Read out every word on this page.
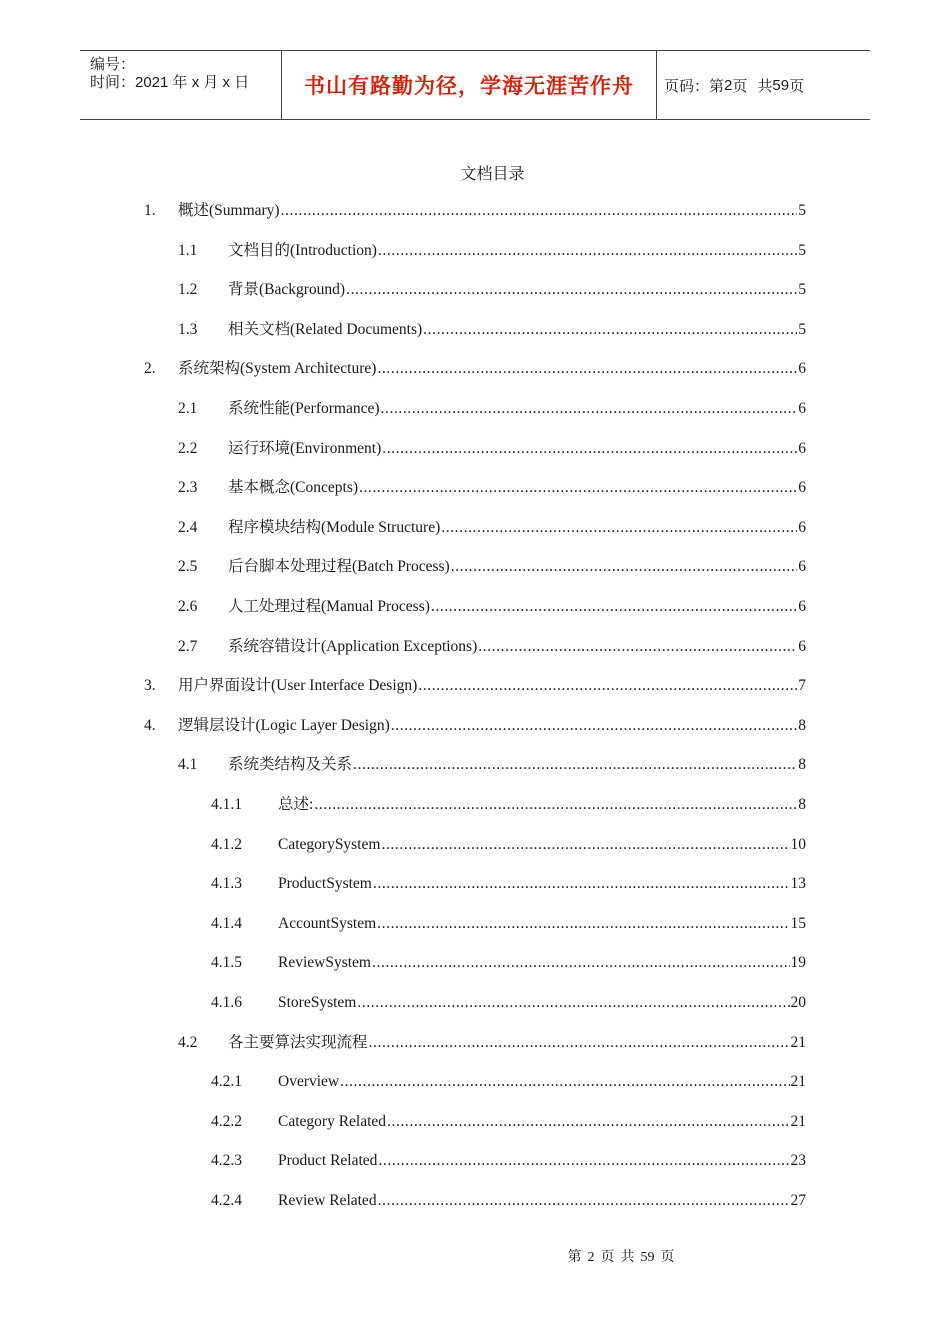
编号：
时间：2021 年 x 月 x 日	书山有路勤为径，学海无涯苦作舟 页码：第 2 页 共 59 页
文档目录
1.	概述(Summary) .....	5
1.1	文档目的(Introduction) .....	5
1.2	背景(Background) .....	5
1.3	相关文档(Related Documents) .....	5
2.	系统架构(System Architecture) .....	6
2.1	系统性能(Performance) .....	6
2.2	运行环境(Environment) .....	6
2.3	基本概念(Concepts) .....	6
2.4	程序模块结构(Module Structure) .....	6
2.5	后台脚本处理过程(Batch Process) .....	6
2.6	人工处理过程(Manual Process) .....	6
2.7	系统容错设计(Application Exceptions) .....	6
3.	用户界面设计(User Interface Design) .....	7
4.	逻辑层设计(Logic Layer Design) .....	8
4.1	系统类结构及关系 .....	8
4.1.1	总述: .....	8
4.1.2	CategorySystem .....	10
4.1.3	ProductSystem .....	13
4.1.4	AccountSystem .....	15
4.1.5	ReviewSystem .....	19
4.1.6	StoreSystem .....	20
4.2	各主要算法实现流程 .....	21
4.2.1	Overview .....	21
4.2.2	Category Related .....	21
4.2.3	Product Related .....	23
4.2.4	Review Related .....	27
第 2 页 共 59 页
